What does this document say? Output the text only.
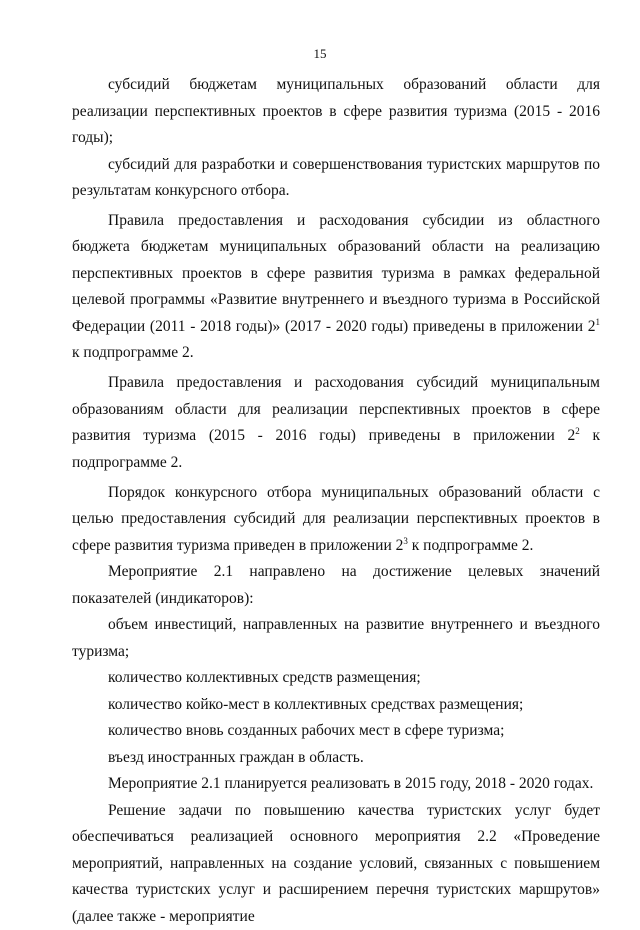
15

субсидий бюджетам муниципальных образований области для реализации перспективных проектов в сфере развития туризма (2015 - 2016 годы);

субсидий для разработки и совершенствования туристских маршрутов по результатам конкурсного отбора.

Правила предоставления и расходования субсидии из областного бюджета бюджетам муниципальных образований области на реализацию перспективных проектов в сфере развития туризма в рамках федеральной целевой программы «Развитие внутреннего и въездного туризма в Российской Федерации (2011 - 2018 годы)» (2017 - 2020 годы) приведены в приложении $2^1$ к подпрограмме 2.

Правила предоставления и расходования субсидий муниципальным образованиям области для реализации перспективных проектов в сфере развития туризма (2015 - 2016 годы) приведены в приложении $2^2$ к подпрограмме 2.

Порядок конкурсного отбора муниципальных образований области с целью предоставления субсидий для реализации перспективных проектов в сфере развития туризма приведен в приложении $2^3$ к подпрограмме 2.

Мероприятие 2.1 направлено на достижение целевых значений показателей (индикаторов):

объем инвестиций, направленных на развитие внутреннего и въездного туризма;

количество коллективных средств размещения;

количество койко-мест в коллективных средствах размещения;

количество вновь созданных рабочих мест в сфере туризма;

въезд иностранных граждан в область.

Мероприятие 2.1 планируется реализовать в 2015 году, 2018 - 2020 годах.

Решение задачи по повышению качества туристских услуг будет обеспечиваться реализацией основного мероприятия 2.2 «Проведение мероприятий, направленных на создание условий, связанных с повышением качества туристских услуг и расширением перечня туристских маршрутов» (далее также - мероприятие
